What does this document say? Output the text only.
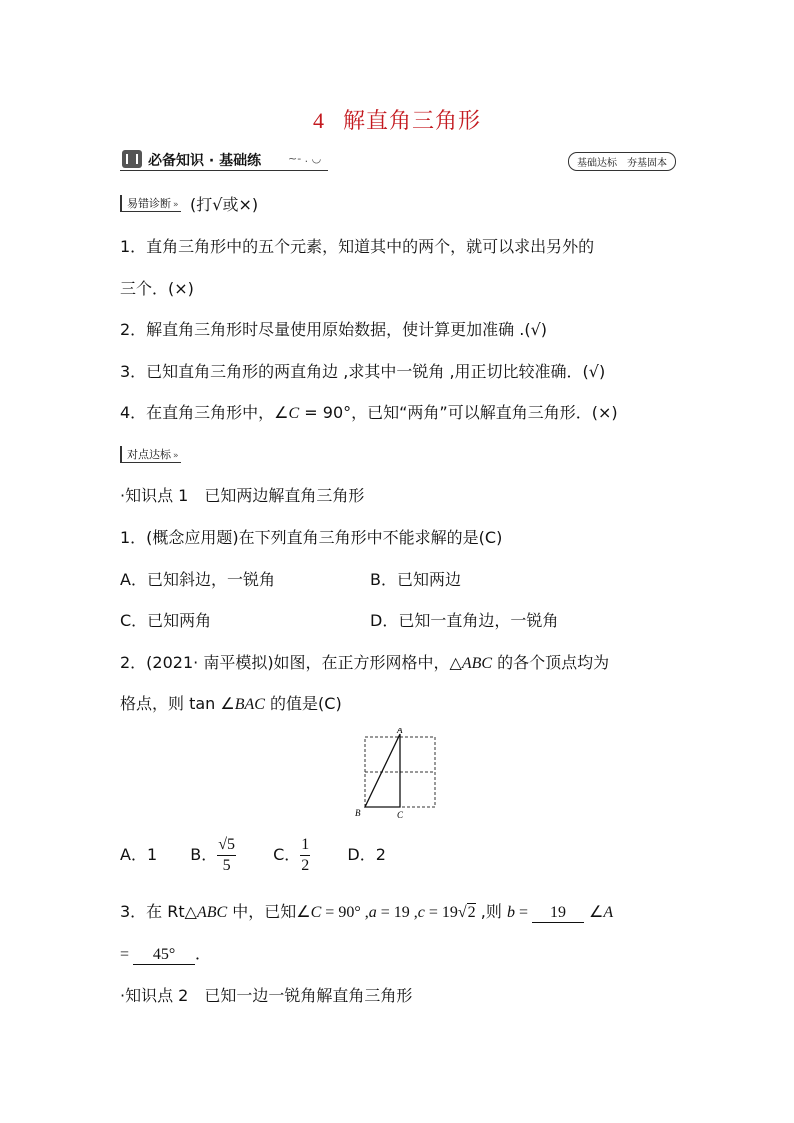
4 解直角三角形
必备知识 · 基础练 ~- . ◡	基础达标 夯基固本
易错诊断 » (打√或×)
1．直角三角形中的五个元素，知道其中的两个，就可以求出另外的
三个．(×)
2．解直角三角形时尽量使用原始数据，使计算更加准确 .(√)
3．已知直角三角形的两直角边 ,求其中一锐角 ,用正切比较准确．(√)
4．在直角三角形中，∠C = 90°，已知“两角”可以解直角三角形．(×)
对点达标 »
·知识点 1　已知两边解直角三角形
1．(概念应用题)在下列直角三角形中不能求解的是(C)
A．已知斜边，一锐角	B．已知两边
C．已知两角	D．已知一直角边，一锐角
2．(2021· 南平模拟)如图，在正方形网格中，△ABC 的各个顶点均为
格点，则 tan ∠BAC 的值是(C)
A
B	C
A．1 B． $\frac{√5}{5}$ C． $\frac{1}{2}$ D．2
3．在 Rt△ABC 中，已知∠C = 90° ,a = 19 ,c = 19√2 ,则 b = 19 ∠A
= 45° ．
·知识点 2　已知一边一锐角解直角三角形
